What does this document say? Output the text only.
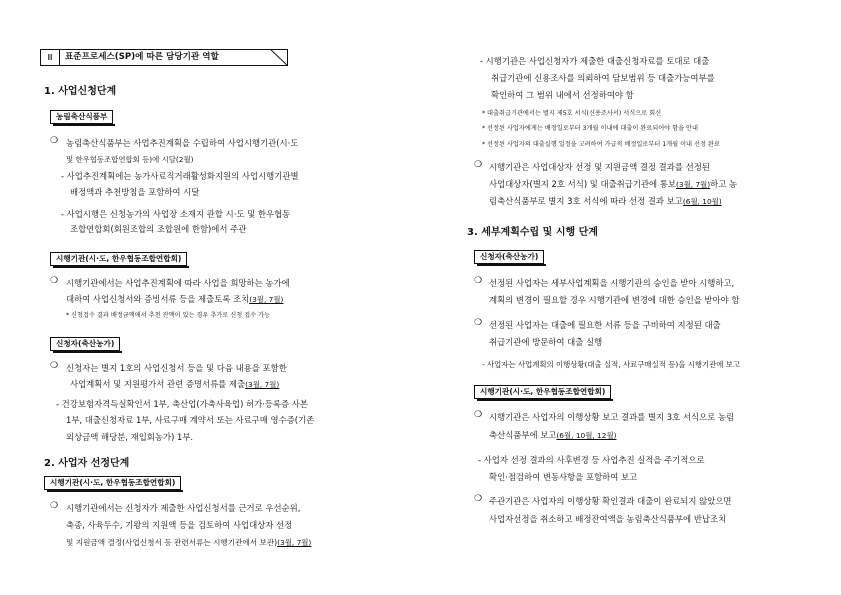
Ⅲ	표준프로세스(SP)에 따른 담당기관 역할
1. 사업신청단계
농림축산식품부
❍ 농림축산식품부는 사업추진계획을 수립하여 사업시행기관(시·도
및 한우협동조합연합회 등)에 시달(2월)
- 사업추진계획에는 농가사료직거래활성화지원의 사업시행기관별
배정액과 추천방침을 포함하여 시달
- 사업시행은 신청농가의 사업장 소재지 관할 시·도 및 한우협동
조합연합회(회원조합의 조합원에 한함)에서 주관
시행기관(시·도, 한우협동조합연합회)
❍ 시행기관에서는 사업추진계획에 따라 사업을 희망하는 농가에
대하여 사업신청서와 증빙서류 등을 제출토록 조치(3월, 7월)
* 신청접수 결과 배정금액에서 추천 잔액이 있는 경우 추가로 신청 접수 가능
신청자(축산농가)
❍ 신청자는 별지 1호의 사업신청서 등을 및 다음 내용을 포함한
사업계획서 및 지원평가서 관련 증명서류를 제출(3월, 7월)
- 건강보험자격득실확인서 1부, 축산업(가축사육업) 허가·등록증 사본
1부, 대출신청자료 1부, 사료구매 계약서 또는 사료구매 영수증(기존
외상금액 해당분, 재입회농가) 1부.
2. 사업자 선정단계
시행기관(시·도, 한우협동조합연합회)
❍ 시행기관에서는 신청자가 제출한 사업신청서를 근거로 우선순위,
축종, 사육두수, 기왕의 지원액 등을 검토하여 사업대상자 선정
및 지원금액 결정(사업신청서 등 관련서류는 시행기관에서 보관)(3월, 7월)
- 시행기관은 사업신청자가 제출한 대출신청자료를 토대로 대출
취급기관에 신용조사를 의뢰하여 담보범위 등 대출가능여부를
확인하여 그 범위 내에서 선정하여야 함
* 대출취급기관에서는 별지 제5호 서식(신용조사서) 서식으로 회신
* 선정된 사업자에게는 배정일로부터 3개월 이내에 대출이 완료되어야 함을 안내
* 선정된 사업자의 대출실행 일정을 고려하여 가급적 배정일로부터 1개월 이내 선정 완료
❍ 시행기관은 사업대상자 선정 및 지원금액 결정 결과를 선정된
사업대상자(별지 2호 서식) 및 대출취급기관에 통보(3월, 7월)하고 농
림축산식품부로 별지 3호 서식에 따라 선정 결과 보고(6월, 10월)
3. 세부계획수립 및 시행 단계
신청자(축산농가)
❍ 선정된 사업자는 세부사업계획을 시행기관의 승인을 받아 시행하고,
계획의 변경이 필요할 경우 시행기관에 변경에 대한 승인을 받아야 함
❍ 선정된 사업자는 대출에 필요한 서류 등을 구비하여 지정된 대출
취급기관에 방문하여 대출 실행
- 사업자는 사업계획의 이행상황(대출 실적, 사료구매실적 등)을 시행기관에 보고
시행기관(시·도, 한우협동조합연합회)
❍ 시행기관은 사업자의 이행상황 보고 결과를 별지 3호 서식으로 농림
축산식품부에 보고(6월, 10월, 12월)
- 사업자 선정 결과의 사후변경 등 사업추진 실적을 주기적으로
확인·점검하여 변동사항을 포함하여 보고
❍ 주관기관은 사업자의 이행상황 확인결과 대출이 완료되지 않았으면
사업자선정을 취소하고 배정잔여액을 농림축산식품부에 반납조치
